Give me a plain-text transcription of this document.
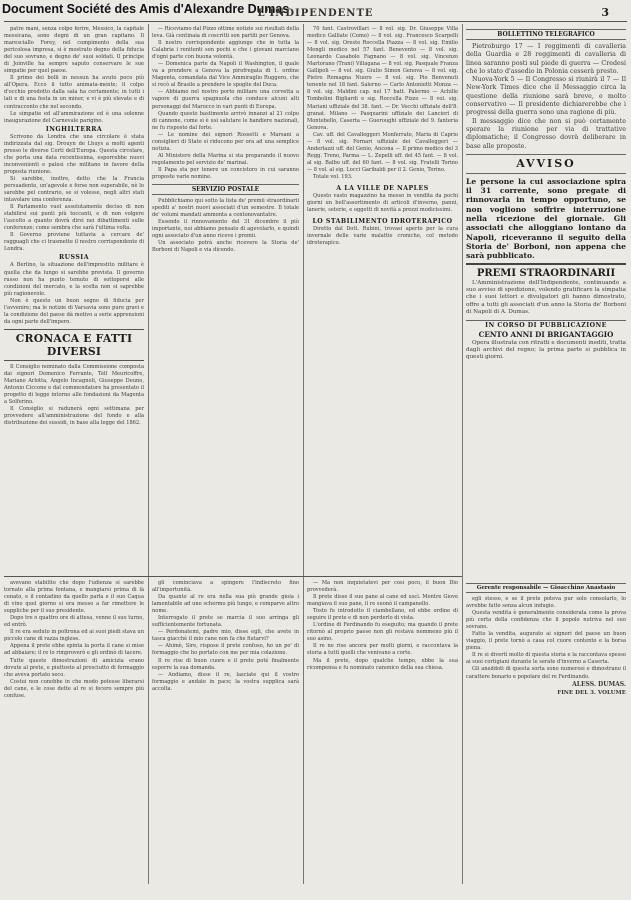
Document Société des Amis d'Alexandre Dumas
L'INDIPENDENTE	3

patre mani, senza colpo ferire, Messico, la capitale messicana, sono degni di un gran capitano. Il maresciallo Forey, nel compimento della sua pericolosa impresa, si è mostrato degno della fiducia del suo sovrano, e degno de' suoi soldati. Il principe di Joinville ha sempre saputo conservare le sue simpatie per quel paese.

Il primo dei bolli in nessun ha avuto poco più all'Opera. Ecco il tutto animata-mente; il colpo d'occhio prodotto dalla sala ha certamente; in tutti i lati e di una festa in un miner, e vi è più elevate e di contracconto che nel secondo.

Le simpatie ed all'ammirazione ed è una solenne inaugurazione del Carnevale parigino.

INGHILTERRA

Scrivono da Londra che una circolare è stata indirizzata dal sig. Drouyn de Lhuys a molti agenti presso le diverse Corti dell'Europa. Questa circolare, che porta una data recentissima, esporrebbe nuovi inconvenienti e palesi che militano in favore della proposta riunione.

Si sarebbe, inoltre, detto che la Francia persuadente, un'agevole e forse non superabile, nè lo sarebbe pel contrario, se si volesse, negli altri stati intavolare una conferenza.

Il Parlamento vuol assolutamente deciso di non stabilirsi sui punti più toccanti, e di non volgere l'ascolto a quanto dovrà dirsi nei dibattimenti sulle conferenze; come sembra che sarà l'ultima volta.

Il Governo proviene tuttavia a cercare de' ragguagli che ci trasmette il nostro corrispondente di Londra.

RUSSIA

A Berlino, la situazione dell'imprestito militare è quella che da lungo si sarebbe prevista. Il governo russo non ha punto temuto di sottoporsi alle condizioni del mercato, e la scelta non si saprebbe più ragionevole.

Non è questo un buon segno di fiducia per l'avvenire; ma le notizie di Varsavia sono pure gravi e la condizione del paese dà motivo a serie apprensioni da ogni parte dell'impero.

CRONACA E FATTI DIVERSI

Il Consiglio nominato dalla Commissione composta dai signori Domenico Ferrante, Tell Meuricoffre, Mariano Arlotta, Angelo Incagnoli, Giuseppe Deuno, Antonio Ciccone e dal commendatore ha presentato il progetto di legge intorno alle fondazioni da Magenta a Solferino.

Il Consiglio si radunerà ogni settimana per provvedere all'amministrazione del fondo e alla distribuzione dei sussidi, in base alla legge del 1862.

— Riceviamo dal Pizzo ottime notizie sui risultati della leva. Già centinaia di coscritti son partiti per Genova.

Il nostro corrispondente aggiunge che in tutta la Calabria i renitenti son pochi e che i giovani marciano d'ogni parte con buona volontà.

— Domenica parte da Napoli il Washington, il quale va a prendere a Genova la pirofregata di 1. ordine Magenta, comandata dal Vice Ammiraglio Ruggero, che si recò al Brasile a prendere le spoglie del Duca.

— Abbiamo nel nostro porto militare una corvetta a vapore di guerra spagnuola che conduce alcuni alti personaggi del Marocco in vari punti di Europa.

Quando questo bastimento arrivò innanzi al 21 colpo di cannone, come si è usi salutare le bandiere nazionali, ne fu risposto dal forte.

— Le nomine dei signori Rossetti e Marsani a consiglieri di Stato si riducono per ora ad una semplice notizia.

Al Ministero della Marina si sta preparando il nuovo regolamento pel servizio de' marinai.

Il Papa sta per tenere un concistoro in cui saranno proposte varie nomine.

SERVIZIO POSTALE

Pubblichiamo qui sotto la lista de' premii straordinarii spediti a' nostri nuovi associati d'un semestre. Il totale de' volumi mandati ammonta a centonovantatre.

Essendo il rinnovamento del 31 dicembre il più importante, noi abbiamo pensato di agevolarlo, e quindi ogni associato d'un anno riceve i premii.

Un associato potrà anche ricevere la Storia de' Borboni di Napoli e via dicendo.

70 fant. Castrovillari — 8 vol. sig. Dr. Giuseppe Villa medico Galliate (Como) — 8 vol. sig. Francesco Scarpelli — 8 vol. sig. Oreste Roccella Piazza — 8 vol. sig. Emilio Mengli medico nel 57 fant. Benevento — 8 vol. sig. Leonardo Casabolo Fagnano — 8 vol. sig. Vincenzo Martorano (Trani) Villagana — 8 vol. sig. Pasquale Franza Gallipoli — 8 vol. sig. Giulio Simon Genova — 8 vol. sig. Pietro Romagna Nuoro — 8 vol. sig. Pio Benvenuti tenente nel 18 fant. Salerno — Carlo Antonietti Monza — 8 vol. sig. Maldini cap. nel 17 batt. Palermo — Achille Tombolini Bigliardi e sig. Roccella Pizzo — 8 vol. sig. Mariani uffiziale del 38. fant. — Dr. Vecchi uffiziale dell'8. granat. Milano — Pasquarini uffiziale dei Lancieri di Montebello, Caserta — Gueroughi uffiziale del 9. fanteria Genova.

Cav. uff. del Cavalleggeri Monferrato, Maria di Caprio — 8 vol. sig. Fornari uffiziale dei Cavalleggeri — Anderlazzi uff. del Genio, Ancona — Il primo medico del 3 Regg. Treno, Parma — L. Zepelli uff. del 45 fant. — 8 vol. al sig. Balbo uff. del 60 fant. — 8 vol. sig. Fratelli Torino — 8 vol. al sig. Locci Garibaldi per il 2. Genio, Torino.

Totale vol. 193.

A LA VILLE DE NAPLES

Questo vasto magazzino ha messo in vendita da pochi giorni un bell'assortimento di articoli d'inverno, panni, lanerie, seterie, e oggetti di novità a prezzi modicissimi.

LO STABILIMENTO IDROTERAPICO

Diretto dal Dott. Rubini, trovasi aperto per la cura invernale delle varie malattie croniche, col metodo idroterapico.

BOLLETTINO TELEGRAFICO

Pietroburgo 17 — I reggimenti di cavalleria della Guardia e 28 reggimenti di cavalleria di linea saranno posti sul piede di guerra — Credesi che lo stato d'assedio in Polonia cesserà presto.

Nuova-York 5 — Il Congresso si riunirà il 7 — Il New-York Times dice che il Messaggio circa la questione della riunione sarà breve, e molto conservativo — Il presidente dichiarerebbe che i progressi della guerra sono una ragione di più.

Il messaggio dice che non si può certamente sperare la riunione per via di trattative diplomatiche; il Congresso dovrà deliberare in base alle proposte.

AVVISO
Le persone la cui associazione spira il 31 corrente, sono pregate di rinnovarla in tempo opportuno, se non vogliono soffrire interruzione nella ricezione del giornale. Gli associati che alloggiano lontano da Napoli, riceveranno il seguito della Storia de' Borboni, non appena che sarà pubblicato.
PREMI STRAORDINARII

L'Amministrazione dell'Indipendente, continuando a suo avviso di spedizione, volendo gratificare la simpatia che i suoi lettori e divulgatori gli hanno dimostrato, offre a tutti gli associati d'un anno la Storia de' Borboni di Napoli di A. Dumas.

IN CORSO DI PUBBLICAZIONE
CENTO ANNI DI BRIGANTAGGIO

Opera illustrata con ritratti e documenti inediti, tratta dagli archivi del regno; la prima parte si pubblica in questi giorni.

avevano stabilito che dopo l'udienza si sarebbe tornato alla prima fontana, e mangiarsi prima di là cenato, e il contadino da quello parla e il suo Caqua di vino quel giorno si era messo a far rimettere le suppliche per il suo presidente.

Dopo tre o quattro ore di attesa, venne il suo turno, ed entrò.

Il re era seduto in poltrona ed ai suoi piedi stava un piccolo cane di razza inglese.

Appena il prete ebbe spinta la porta il cane si mise ad abbaiare; il re lo rimproverò e gli ordinò di tacere.

Tutte queste dimostrazioni di amicizia erano dovute al prete, e piuttosto al prosciutto di formaggio che aveva portato seco.

Costui non conobbe in che modo potesse liberarsi del cane, e le cose dette al re si fecero sempre più confuse.

gli cominciava a spingere l'indiscreto fino all'importunità.

Da quanto al re era nella sua più grande gioia i lamentabile ad uno schermo più lungo, e comparve altro nome.

Interrogato il prete se marcia il suo arringa gli sufficientemente fortunata.

— Perdonatemi, padre mio, disse egli, che avete in tasca giacchè il mio cane non fa che fiutarvi?

— Ahimè, Sire, rispose il prete confuso, ho un po' di formaggio che ho portato con me per mia colazione.

Il re rise di buon cuore e il prete poté finalmente esporre la sua domanda.

— Andiamo, disse il re, lasciate qui il vostro formaggio e andate in pace; la vostra supplica sarà accolta.

— Ma non inquietatevi per così poco, il buon Dio provvederà.

Il prete disse il suo pane al cane ed uscì. Mentre Giove mangiava il suo pane, il re suonò il campanello.

Tosto fu introdotto il ciambellano, ed ebbe ordine di seguire il prete e di non perderlo di vista.

L'ordine di Ferdinando fu eseguito; ma quando il prete ritornò al proprio paese non gli restava nemmeno più il suo asino.

Il re ne rise ancora per molti giorni, e raccontava la storia a tutti quelli che venivano a corte.

Ma il prete, dopo qualche tempo, ebbe la sua ricompensa e fu nominato canonico della sua chiesa.

Gerente responsabile — Gioacchino Anastasio

egli stesso, e se il prete poteva pur solo consolarlo, lo avrebbe fatto senza alcun indugio.

Questa vendita è generalmente considerata come la prova più certa della confidenza che il popolo nutriva nel suo sovrano.

Fatto la vendita, augurato ai signori del paese un buon viaggio, il prete tornò a casa col cuore contento e la borsa piena.

Il re si divertì molto di questa storia e la raccontava spesso ai suoi cortigiani durante le serate d'inverno a Caserta.

Gli aneddoti di questa sorta sono numerosi e dimostrano il carattere bonario e popolare del re Ferdinando.

ALESS. DUMAS.

FINE DEL 3. VOLUME
